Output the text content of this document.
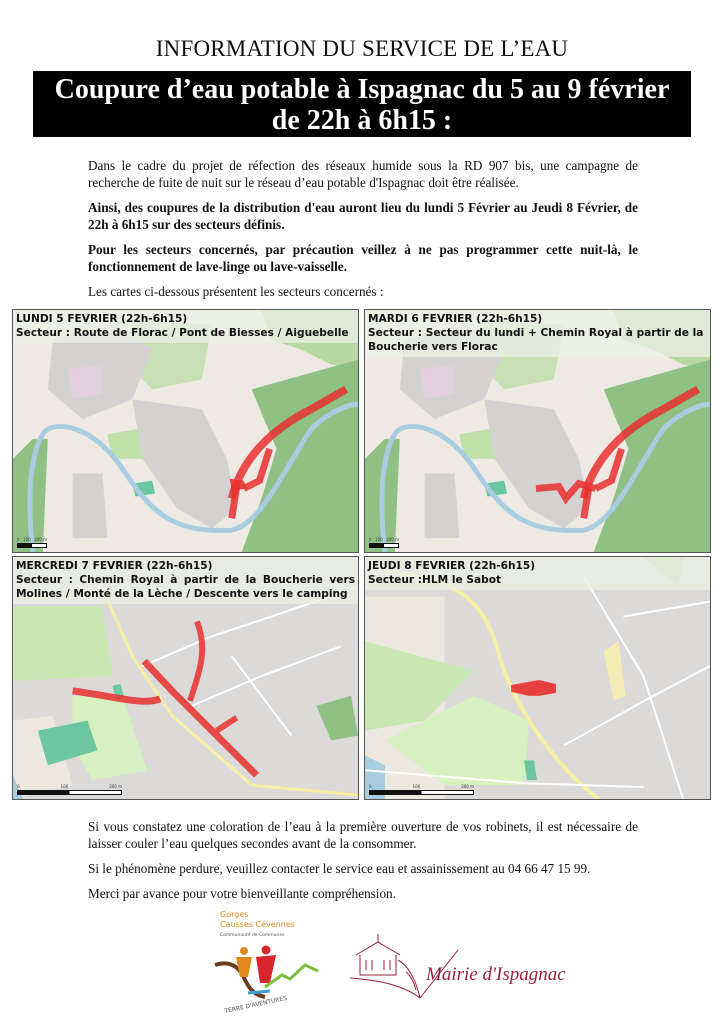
INFORMATION DU SERVICE DE L’EAU
Coupure d’eau potable à Ispagnac du 5 au 9 février
de 22h à 6h15 :

Dans le cadre du projet de réfection des réseaux humide sous la RD 907 bis, une campagne de recherche de fuite de nuit sur le réseau d’eau potable d'Ispagnac doit être réalisée.

Ainsi, des coupures de la distribution d'eau auront lieu du lundi 5 Février au Jeudi 8 Février, de 22h à 6h15 sur des secteurs définis.

Pour les secteurs concernés, par précaution veillez à ne pas programmer cette nuit-là, le fonctionnement de lave-linge ou lave-vaisselle.

Les cartes ci-dessous présentent les secteurs concernés :

LUNDI 5 FEVRIER (22h-6h15)
Secteur : Route de Florac / Pont de Biesses / Aiguebelle
0 100 200 m
MARDI 6 FEVRIER (22h-6h15)
Secteur : Secteur du lundi + Chemin Royal à partir de la Boucherie vers Florac
0 100 200 m
MERCREDI 7 FEVRIER (22h-6h15)
Secteur : Chemin Royal à partir de la Boucherie vers Molines / Monté de la Lèche / Descente vers le camping
0	100	200 m
JEUDI 8 FEVRIER (22h-6h15)
Secteur :HLM le Sabot
0	100	200 m

Si vous constatez une coloration de l’eau à la première ouverture de vos robinets, il est nécessaire de laisser couler l’eau quelques secondes avant de la consommer.

Si le phénomène perdure, veuillez contacter le service eau et assainissement au 04 66 47 15 99.

Merci par avance pour votre bienveillante compréhension.

Gorges
Causses Cévennes
Communauté de Communes
TERRE D'AVENTURES
Mairie d'Ispagnac
